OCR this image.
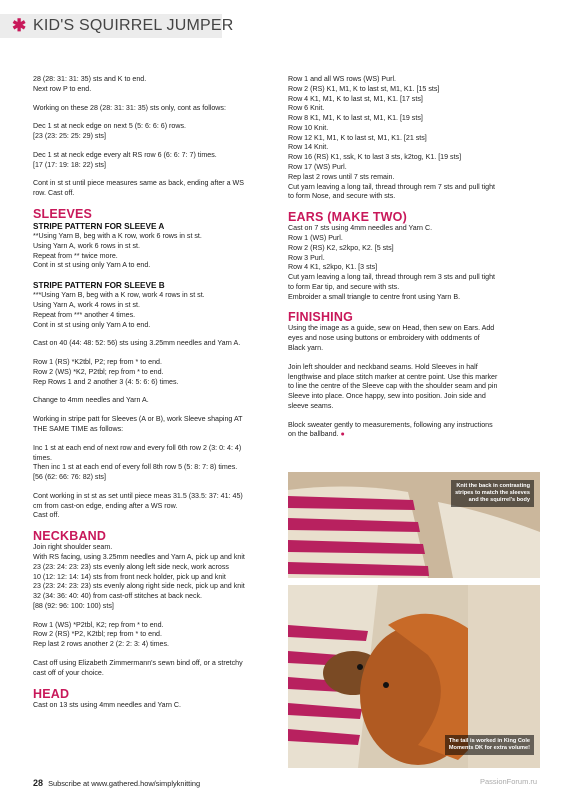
✱ KID'S SQUIRREL JUMPER
28 (28: 31: 31: 35) sts and K to end.
Next row P to end.
Working on these 28 (28: 31: 31: 35) sts only, cont as follows:
Dec 1 st at neck edge on next 5 (5: 6: 6: 6) rows.
[23 (23: 25: 25: 29) sts]
Dec 1 st at neck edge every alt RS row 6 (6: 6: 7: 7) times.
[17 (17: 19: 18: 22) sts]
Cont in st st until piece measures same as back, ending after a WS
row. Cast off.
SLEEVES
STRIPE PATTERN FOR SLEEVE A
**Using Yarn B, beg with a K row, work 6 rows in st st.
Using Yarn A, work 6 rows in st st.
Repeat from ** twice more.
Cont in st st using only Yarn A to end.
STRIPE PATTERN FOR SLEEVE B
***Using Yarn B, beg with a K row, work 4 rows in st st.
Using Yarn A, work 4 rows in st st.
Repeat from *** another 4 times.
Cont in st st using only Yarn A to end.
Cast on 40 (44: 48: 52: 56) sts using 3.25mm needles and Yarn A.
Row 1 (RS) *K2tbl, P2; rep from * to end.
Row 2 (WS) *K2, P2tbl; rep from * to end.
Rep Rows 1 and 2 another 3 (4: 5: 6: 6) times.
Change to 4mm needles and Yarn A.
Working in stripe patt for Sleeves (A or B), work Sleeve shaping AT
THE SAME TIME as follows:
Inc 1 st at each end of next row and every foll 6th row 2 (3: 0: 4: 4)
times.
Then inc 1 st at each end of every foll 8th row 5 (5: 8: 7: 8) times.
[56 (62: 66: 76: 82) sts]
Cont working in st st as set until piece meas 31.5 (33.5: 37: 41: 45)
cm from cast-on edge, ending after a WS row.
Cast off.
NECKBAND
Join right shoulder seam.
With RS facing, using 3.25mm needles and Yarn A, pick up and knit
23 (23: 24: 23: 23) sts evenly along left side neck, work across
10 (12: 12: 14: 14) sts from front neck holder, pick up and knit
23 (23: 24: 23: 23) sts evenly along right side neck, pick up and knit
32 (34: 36: 40: 40) from cast-off stitches at back neck.
[88 (92: 96: 100: 100) sts]
Row 1 (WS) *P2tbl, K2; rep from * to end.
Row 2 (RS) *P2, K2tbl; rep from * to end.
Rep last 2 rows another 2 (2: 2: 3: 4) times.
Cast off using Elizabeth Zimmermann's sewn bind off, or a stretchy
cast off of your choice.
HEAD
Cast on 13 sts using 4mm needles and Yarn C.
Row 1 and all WS rows (WS) Purl.
Row 2 (RS) K1, M1, K to last st, M1, K1. [15 sts]
Row 4 K1, M1, K to last st, M1, K1. [17 sts]
Row 6 Knit.
Row 8 K1, M1, K to last st, M1, K1. [19 sts]
Row 10 Knit.
Row 12 K1, M1, K to last st, M1, K1. [21 sts]
Row 14 Knit.
Row 16 (RS) K1, ssk, K to last 3 sts, k2tog, K1. [19 sts]
Row 17 (WS) Purl.
Rep last 2 rows until 7 sts remain.
Cut yarn leaving a long tail, thread through rem 7 sts and pull tight
to form Nose, and secure with sts.
EARS (MAKE TWO)
Cast on 7 sts using 4mm needles and Yarn C.
Row 1 (WS) Purl.
Row 2 (RS) K2, s2kpo, K2. [5 sts]
Row 3 Purl.
Row 4 K1, s2kpo, K1. [3 sts]
Cut yarn leaving a long tail, thread through rem 3 sts and pull tight
to form Ear tip, and secure with sts.
Embroider a small triangle to centre front using Yarn B.
FINISHING
Using the image as a guide, sew on Head, then sew on Ears. Add
eyes and nose using buttons or embroidery with oddments of
Black yarn.
Join left shoulder and neckband seams. Hold Sleeves in half
lengthwise and place stitch marker at centre point. Use this marker
to line the centre of the Sleeve cap with the shoulder seam and pin
Sleeve into place. Once happy, sew into position. Join side and
sleeve seams.
Block sweater gently to measurements, following any instructions
on the ballband. ●
Knit the back in contrasting
stripes to match the sleeves
and the squirrel's body
The tail is worked in King Cole
Moments DK for extra volume!
28 Subscribe at www.gathered.how/simplyknitting	PassionForum.ru
